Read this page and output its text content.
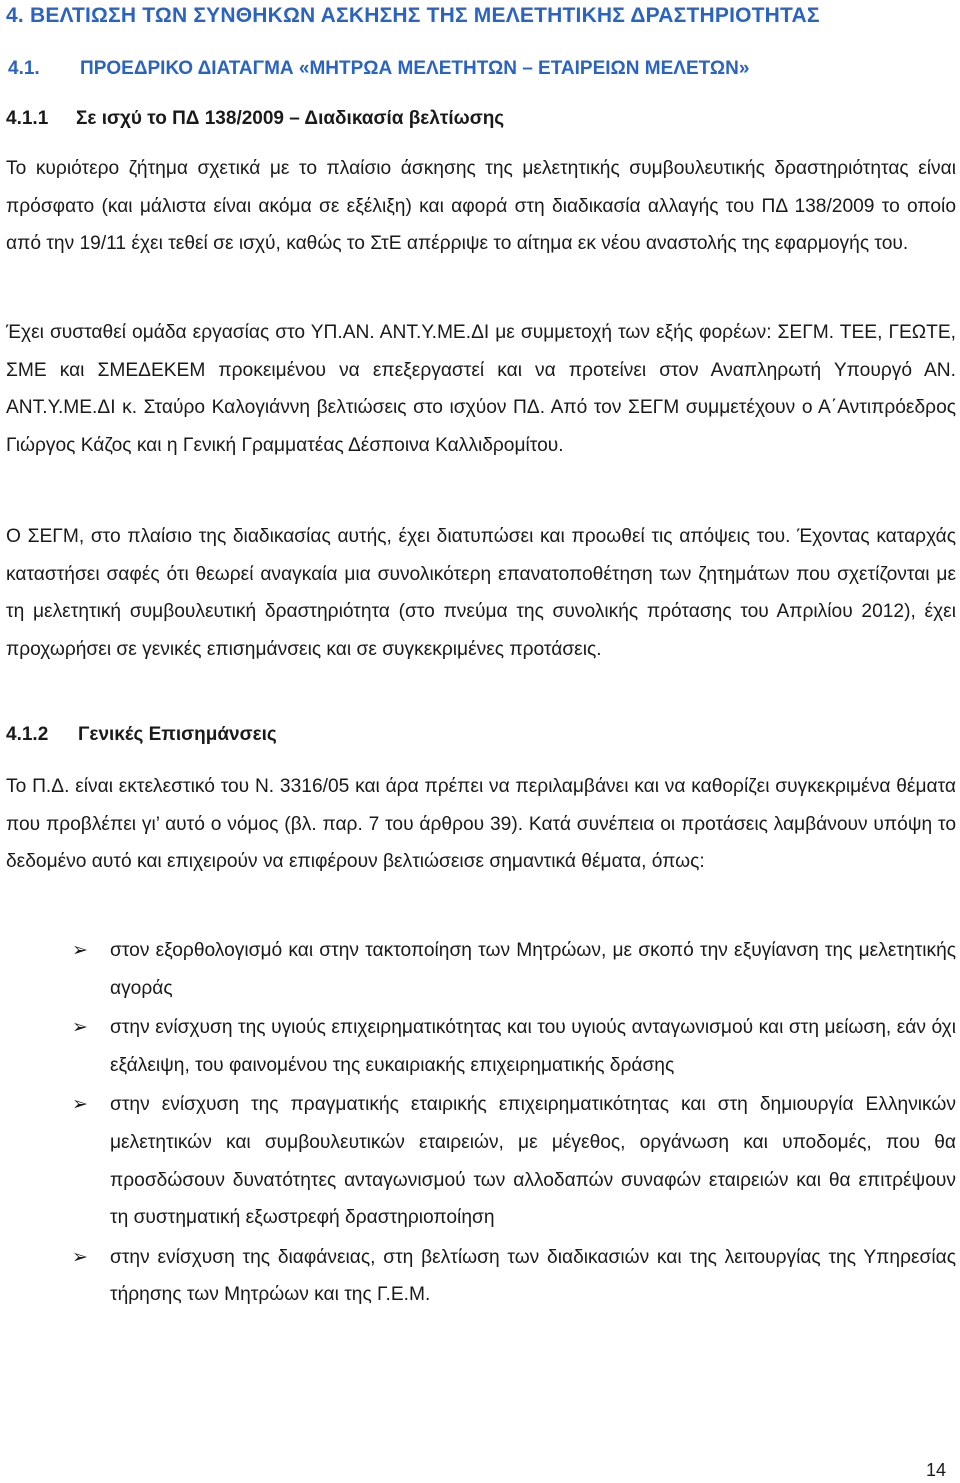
4. ΒΕΛΤΙΩΣΗ ΤΩΝ ΣΥΝΘΗΚΩΝ ΑΣΚΗΣΗΣ ΤΗΣ ΜΕΛΕΤΗΤΙΚΗΣ ΔΡΑΣΤΗΡΙΟΤΗΤΑΣ
4.1. ΠΡΟΕΔΡΙΚΟ ΔΙΑΤΑΓΜΑ «ΜΗΤΡΩΑ ΜΕΛΕΤΗΤΩΝ – ΕΤΑΙΡΕΙΩΝ ΜΕΛΕΤΩΝ»
4.1.1 Σε ισχύ το ΠΔ 138/2009 – Διαδικασία βελτίωσης

Το κυριότερο ζήτημα σχετικά με το πλαίσιο άσκησης της μελετητικής συμβουλευτικής δραστηριότητας είναι πρόσφατο (και μάλιστα είναι ακόμα σε εξέλιξη) και αφορά στη διαδικασία αλλαγής του ΠΔ 138/2009 το οποίο από την 19/11 έχει τεθεί σε ισχύ, καθώς το ΣτΕ απέρριψε το αίτημα εκ νέου αναστολής της εφαρμογής του.

Έχει συσταθεί ομάδα εργασίας στο ΥΠ.ΑΝ. ΑΝΤ.Υ.ΜΕ.ΔΙ με συμμετοχή των εξής φορέων: ΣΕΓΜ. ΤΕΕ, ΓΕΩΤΕ, ΣΜΕ και ΣΜΕΔΕΚΕΜ προκειμένου να επεξεργαστεί και να προτείνει στον Αναπληρωτή Υπουργό ΑΝ. ΑΝΤ.Υ.ΜΕ.ΔΙ κ. Σταύρο Καλογιάννη βελτιώσεις στο ισχύον ΠΔ. Από τον ΣΕΓΜ συμμετέχουν ο Α΄Αντιπρόεδρος Γιώργος Κάζος και η Γενική Γραμματέας Δέσποινα Καλλιδρομίτου.

Ο ΣΕΓΜ, στο πλαίσιο της διαδικασίας αυτής, έχει διατυπώσει και προωθεί τις απόψεις του. Έχοντας καταρχάς καταστήσει σαφές ότι θεωρεί αναγκαία μια συνολικότερη επανατοποθέτηση των ζητημάτων που σχετίζονται με τη μελετητική συμβουλευτική δραστηριότητα (στο πνεύμα της συνολικής πρότασης του Απριλίου 2012), έχει προχωρήσει σε γενικές επισημάνσεις και σε συγκεκριμένες προτάσεις.

4.1.2 Γενικές Επισημάνσεις

Το Π.Δ. είναι εκτελεστικό του Ν. 3316/05 και άρα πρέπει να περιλαμβάνει και να καθορίζει συγκεκριμένα θέματα που προβλέπει γι’ αυτό ο νόμος (βλ. παρ. 7 του άρθρου 39). Κατά συνέπεια οι προτάσεις λαμβάνουν υπόψη το δεδομένο αυτό και επιχειρούν να επιφέρουν βελτιώσεισε σημαντικά θέματα, όπως:

➢ στον εξορθολογισμό και στην τακτοποίηση των Μητρώων, με σκοπό την εξυγίανση της μελετητικής αγοράς
➢ στην ενίσχυση της υγιούς επιχειρηματικότητας και του υγιούς ανταγωνισμού και στη μείωση, εάν όχι εξάλειψη, του φαινομένου της ευκαιριακής επιχειρηματικής δράσης
➢ στην ενίσχυση της πραγματικής εταιρικής επιχειρηματικότητας και στη δημιουργία Ελληνικών μελετητικών και συμβουλευτικών εταιρειών, με μέγεθος, οργάνωση και υποδομές, που θα προσδώσουν δυνατότητες ανταγωνισμού των αλλοδαπών συναφών εταιρειών και θα επιτρέψουν τη συστηματική εξωστρεφή δραστηριοποίηση
➢ στην ενίσχυση της διαφάνειας, στη βελτίωση των διαδικασιών και της λειτουργίας της Υπηρεσίας τήρησης των Μητρώων και της Γ.Ε.Μ.
14
